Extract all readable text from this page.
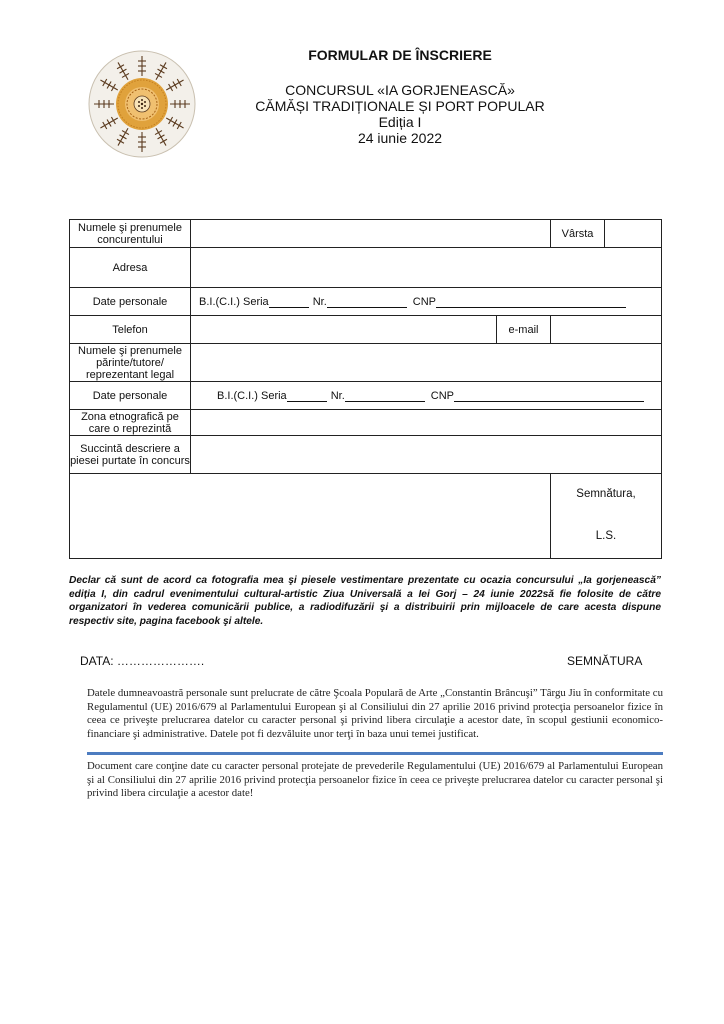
FORMULAR DE ÎNSCRIERE
CONCURSUL «IA GORJENEASCĂ»
CĂMĂȘI TRADIȚIONALE ȘI PORT POPULAR
Ediția I
24 iunie 2022
Numele şi prenumele concurentului			Vârsta	
Adresa				
Date personale	B.I.(C.I.) Seria Nr. CNP			

Telefon		e-mail		
Numele şi prenumele părinte/tutore/ reprezentant legal				
Date personale	B.I.(C.I.) Seria Nr. CNP			

Zona etnografică pe care o reprezintă				
Succintă descriere a piesei purtate în concurs				

			Semnătura,
L.S.	
Declar că sunt de acord ca fotografia mea şi piesele vestimentare prezentate cu ocazia concursului „Ia gorjenească” ediția I, din cadrul evenimentului cultural-artistic Ziua Universală a Iei Gorj – 24 iunie 2022să fie folosite de către organizatori în vederea comunicării publice, a radiodifuzării şi a distribuirii prin mijloacele de care acesta dispune respectiv site, pagina facebook şi altele.
DATA: ………………….	SEMNĂTURA
Datele dumneavoastră personale sunt prelucrate de către Şcoala Populară de Arte „Constantin Brâncuşi” Târgu Jiu în conformitate cu Regulamentul (UE) 2016/679 al Parlamentului European şi al Consiliului din 27 aprilie 2016 privind protecţia persoanelor fizice în ceea ce priveşte prelucrarea datelor cu caracter personal şi privind libera circulaţie a acestor date, în scopul gestiunii economico-financiare şi administrative. Datele pot fi dezvăluite unor terţi în baza unui temei justificat.
Document care conţine date cu caracter personal protejate de prevederile Regulamentului (UE) 2016/679 al Parlamentului European şi al Consiliului din 27 aprilie 2016 privind protecţia persoanelor fizice în ceea ce priveşte prelucrarea datelor cu caracter personal şi privind libera circulaţie a acestor date!
